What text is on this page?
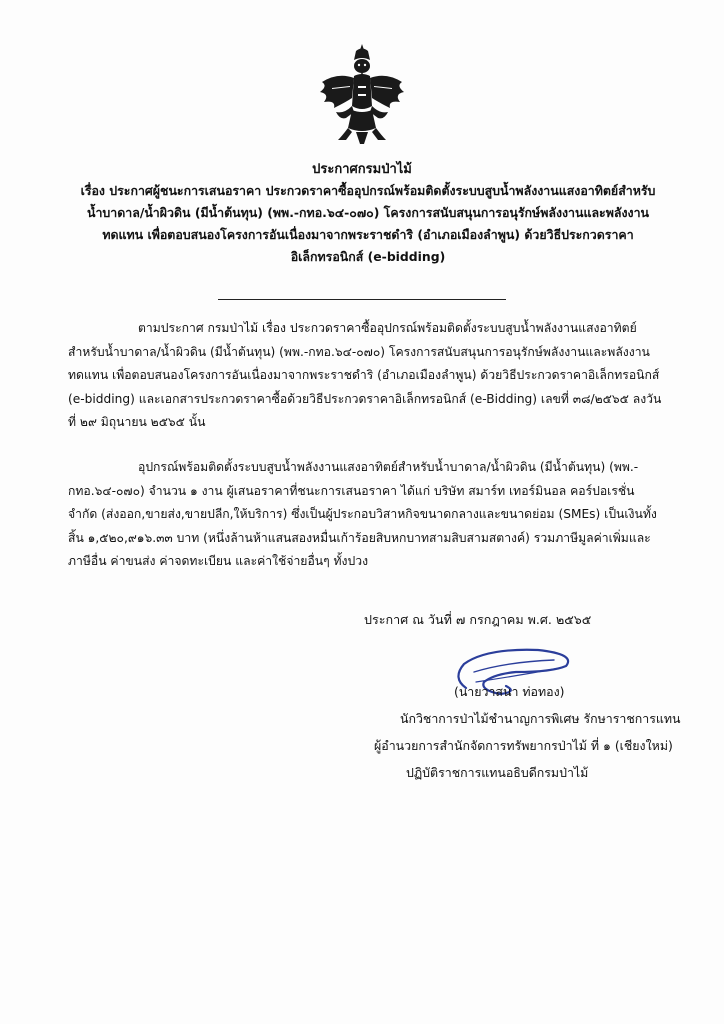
ประกาศกรมป่าไม้
เรื่อง ประกาศผู้ชนะการเสนอราคา ประกวดราคาซื้ออุปกรณ์พร้อมติดตั้งระบบสูบน้ำพลังงานแสงอาทิตย์สำหรับ
น้ำบาดาล/น้ำผิวดิน (มีน้ำต้นทุน) (พพ.-กทอ.๖๔-๐๗๐) โครงการสนับสนุนการอนุรักษ์พลังงานและพลังงาน
ทดแทน เพื่อตอบสนองโครงการอันเนื่องมาจากพระราชดำริ (อำเภอเมืองลำพูน) ด้วยวิธีประกวดราคา
อิเล็กทรอนิกส์ (e-bidding)
ตามประกาศ กรมป่าไม้ เรื่อง ประกวดราคาซื้ออุปกรณ์พร้อมติดตั้งระบบสูบน้ำพลังงานแสงอาทิตย์
สำหรับน้ำบาดาล/น้ำผิวดิน (มีน้ำต้นทุน) (พพ.-กทอ.๖๔-๐๗๐) โครงการสนับสนุนการอนุรักษ์พลังงานและพลังงาน
ทดแทน เพื่อตอบสนองโครงการอันเนื่องมาจากพระราชดำริ (อำเภอเมืองลำพูน) ด้วยวิธีประกวดราคาอิเล็กทรอนิกส์
(e-bidding) และเอกสารประกวดราคาซื้อด้วยวิธีประกวดราคาอิเล็กทรอนิกส์ (e-Bidding) เลขที่ ๓๘/๒๕๖๕ ลงวัน
ที่ ๒๙ มิถุนายน ๒๕๖๕ นั้น
อุปกรณ์พร้อมติดตั้งระบบสูบน้ำพลังงานแสงอาทิตย์สำหรับน้ำบาดาล/น้ำผิวดิน (มีน้ำต้นทุน) (พพ.-
กทอ.๖๔-๐๗๐) จำนวน ๑ งาน ผู้เสนอราคาที่ชนะการเสนอราคา ได้แก่ บริษัท สมาร์ท เทอร์มินอล คอร์ปอเรชั่น
จำกัด (ส่งออก,ขายส่ง,ขายปลีก,ให้บริการ) ซึ่งเป็นผู้ประกอบวิสาหกิจขนาดกลางและขนาดย่อม (SMEs) เป็นเงินทั้ง
สิ้น ๑,๕๒๐,๙๑๖.๓๓ บาท (หนึ่งล้านห้าแสนสองหมื่นเก้าร้อยสิบหกบาทสามสิบสามสตางค์) รวมภาษีมูลค่าเพิ่มและ
ภาษีอื่น ค่าขนส่ง ค่าจดทะเบียน และค่าใช้จ่ายอื่นๆ ทั้งปวง
ประกาศ ณ วันที่ ๗ กรกฎาคม พ.ศ. ๒๕๖๕
(นายวาสนา ท่อทอง)
นักวิชาการป่าไม้ชำนาญการพิเศษ รักษาราชการแทน
ผู้อำนวยการสำนักจัดการทรัพยากรป่าไม้ ที่ ๑ (เชียงใหม่)
ปฏิบัติราชการแทนอธิบดีกรมป่าไม้
